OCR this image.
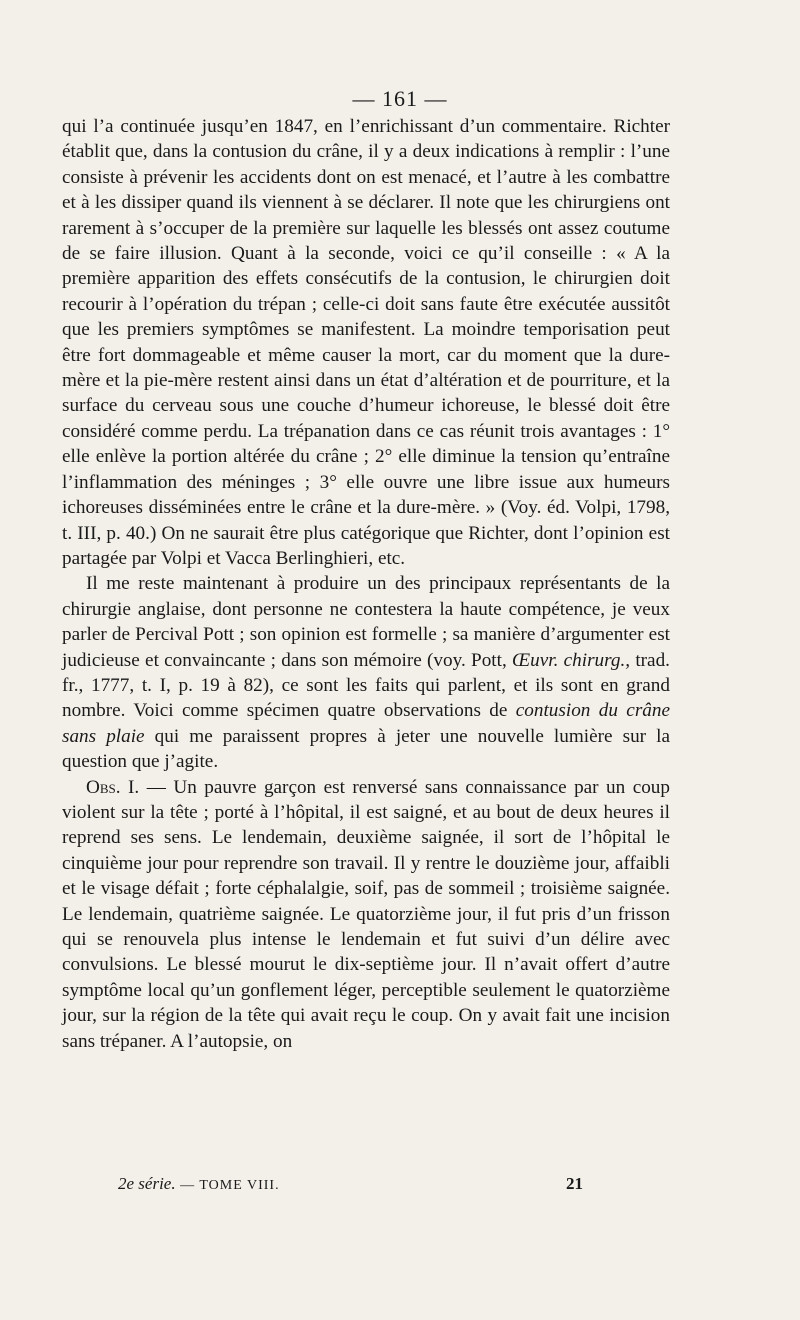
— 161 —

qui l’a continuée jusqu’en 1847, en l’enrichissant d’un commentaire. Richter établit que, dans la contusion du crâne, il y a deux indications à remplir : l’une consiste à prévenir les accidents dont on est menacé, et l’autre à les combattre et à les dissiper quand ils viennent à se déclarer. Il note que les chirurgiens ont rarement à s’occuper de la première sur laquelle les blessés ont assez coutume de se faire illusion. Quant à la seconde, voici ce qu’il conseille : « A la première apparition des effets consécutifs de la contusion, le chirurgien doit recourir à l’opération du trépan ; celle-ci doit sans faute être exécutée aussitôt que les premiers symptômes se manifestent. La moindre temporisation peut être fort dommageable et même causer la mort, car du moment que la dure-mère et la pie-mère restent ainsi dans un état d’altération et de pourriture, et la surface du cerveau sous une couche d’humeur ichoreuse, le blessé doit être considéré comme perdu. La trépanation dans ce cas réunit trois avantages : 1° elle enlève la portion altérée du crâne ; 2° elle diminue la tension qu’entraîne l’inflammation des méninges ; 3° elle ouvre une libre issue aux humeurs ichoreuses disséminées entre le crâne et la dure-mère. » (Voy. éd. Volpi, 1798, t. III, p. 40.) On ne saurait être plus catégorique que Richter, dont l’opinion est partagée par Volpi et Vacca Berlinghieri, etc.

Il me reste maintenant à produire un des principaux représentants de la chirurgie anglaise, dont personne ne contestera la haute compétence, je veux parler de Percival Pott ; son opinion est formelle ; sa manière d’argumenter est judicieuse et convaincante ; dans son mémoire (voy. Pott, Œuvr. chirurg., trad. fr., 1777, t. I, p. 19 à 82), ce sont les faits qui parlent, et ils sont en grand nombre. Voici comme spécimen quatre observations de contusion du crâne sans plaie qui me paraissent propres à jeter une nouvelle lumière sur la question que j’agite.

Obs. I. — Un pauvre garçon est renversé sans connaissance par un coup violent sur la tête ; porté à l’hôpital, il est saigné, et au bout de deux heures il reprend ses sens. Le lendemain, deuxième saignée, il sort de l’hôpital le cinquième jour pour reprendre son travail. Il y rentre le douzième jour, affaibli et le visage défait ; forte céphalalgie, soif, pas de sommeil ; troisième saignée. Le lendemain, quatrième saignée. Le quatorzième jour, il fut pris d’un frisson qui se renouvela plus intense le lendemain et fut suivi d’un délire avec convulsions. Le blessé mourut le dix-septième jour. Il n’avait offert d’autre symptôme local qu’un gonflement léger, perceptible seulement le quatorzième jour, sur la région de la tête qui avait reçu le coup. On y avait fait une incision sans trépaner. A l’autopsie, on

2e série. — TOME VIII.	21
